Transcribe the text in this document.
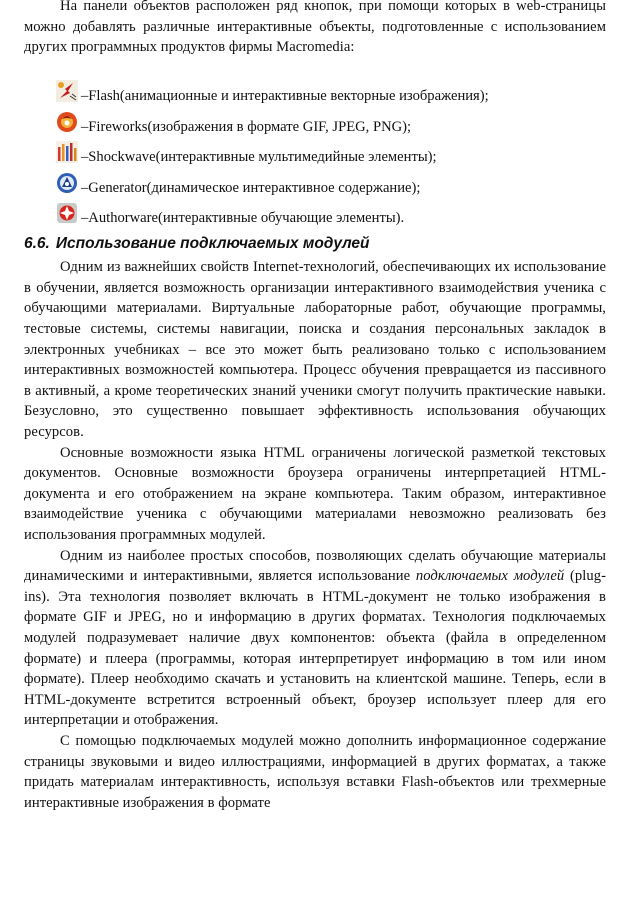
На панели объектов расположен ряд кнопок, при помощи которых в web-страницы можно добавлять различные интерактивные объекты, подготовленные с использованием других программных продуктов фирмы Macromedia:

– Flash (анимационные и интерактивные векторные изображения);
– Fireworks (изображения в формате GIF, JPEG, PNG);
– Shockwave (интерактивные мультимедийные элементы);
– Generator (динамическое интерактивное содержание);
– Authorware (интерактивные обучающие элементы).
6.6. Использование подключаемых модулей

Одним из важнейших свойств Internet-технологий, обеспечивающих их использование в обучении, является возможность организации интерактивного взаимодействия ученика с обучающими материалами. Виртуальные лабораторные работ, обучающие программы, тестовые системы, системы навигации, поиска и создания персональных закладок в электронных учебниках – все это может быть реализовано только с использованием интерактивных возможностей компьютера. Процесс обучения превращается из пассивного в активный, а кроме теоретических знаний ученики смогут получить практические навыки. Безусловно, это существенно повышает эффективность использования обучающих ресурсов.

Основные возможности языка HTML ограничены логической разметкой текстовых документов. Основные возможности броузера ограничены интерпретацией HTML-документа и его отображением на экране компьютера. Таким образом, интерактивное взаимодействие ученика с обучающими материалами невозможно реализовать без использования программных модулей.

Одним из наиболее простых способов, позволяющих сделать обучающие материалы динамическими и интерактивными, является использование подключаемых модулей (plug-ins). Эта технология позволяет включать в HTML-документ не только изображения в формате GIF и JPEG, но и информацию в других форматах. Технология подключаемых модулей подразумевает наличие двух компонентов: объекта (файла в определенном формате) и плеера (программы, которая интерпретирует информацию в том или ином формате). Плеер необходимо скачать и установить на клиентской машине. Теперь, если в HTML-документе встретится встроенный объект, броузер использует плеер для его интерпретации и отображения.

С помощью подключаемых модулей можно дополнить информационное содержание страницы звуковыми и видео иллюстрациями, информацией в других форматах, а также придать материалам интерактивность, используя вставки Flash-объектов или трехмерные интерактивные изображения в формате
